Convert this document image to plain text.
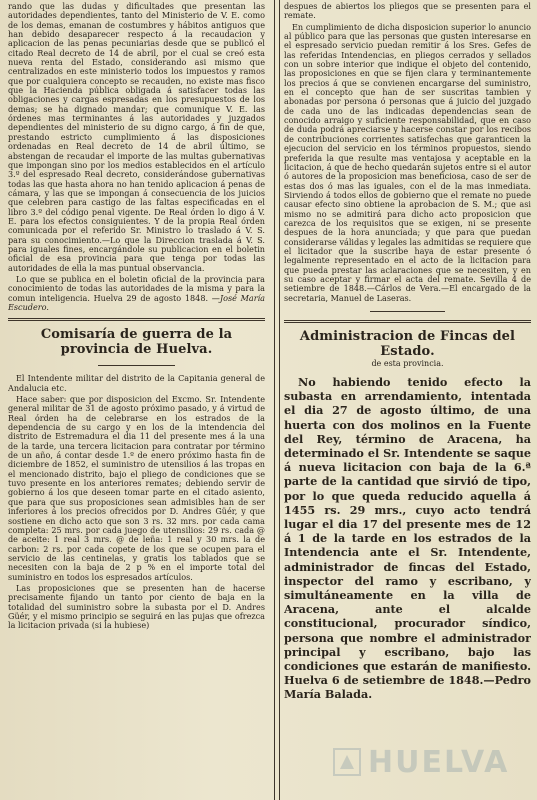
rando que las dudas y dificultades que presentan las autoridades dependientes, tanto del Ministerio de V. E. como de los demas, emanan de costumbres y hábitos antiguos que han debido desaparecer respecto á la recaudacion y aplicacion de las penas pecuniarias desde que se publicó el citado Real decreto de 14 de abril, por el cual se creó esta nueva renta del Estado, considerando asi mismo que centralizados en este ministerio todos los impuestos y ramos que por cualquiera concepto se recauden, no existe mas fisco que la Hacienda pública obligada á satisfacer todas las obligaciones y cargas espresadas en los presupuestos de los demas; se ha dignado mandar; que comunique V. E. las órdenes mas terminantes á las autoridades y juzgados dependientes del ministerio de su digno cargo, á fin de que, prestando estricto cumplimiento á las disposiciones ordenadas en Real decreto de 14 de abril último, se abstengan de recaudar el importe de las multas gubernativas que impongan sino por los medios establecidos en el artículo 3.º del espresado Real decreto, considerándose gubernativas todas las que hasta ahora no han tenido aplicacion á penas de cámara, y las que se impongan á consecuencia de los juicios que celebren para castigo de las faltas especificadas en el libro 3.º del código penal vigente. De Real órden lo digo á V. E. para los efectos consiguientes. Y de la propia Real órden comunicada por el referido Sr. Ministro lo traslado á V. S. para su conocimiento.—Lo que la Direccion traslada á V. S. para iguales fines, encargándole su publicacion en el boletin oficial de esa provincia para que tenga por todas las autoridades de ella la mas puntual observancia.

Lo que se publica en el boletin oficial de la provincia para conocimiento de todas las autoridades de la misma y para la comun inteligencia. Huelva 29 de agosto 1848. —José María Escudero.

Comisaría de guerra de la provincia de Huelva.

El Intendente militar del distrito de la Capitania general de Andalucia etc.

Hace saber: que por disposicion del Excmo. Sr. Intendente general militar de 31 de agosto próximo pasado, y á virtud de Real órden ha de celebrarse en los estrados de la dependencia de su cargo y en los de la intendencia del distrito de Estremadura el dia 11 del presente mes á la una de la tarde, una tercera licitacion para contratar por término de un año, á contar desde 1.º de enero próximo hasta fin de diciembre de 1852, el suministro de utensilios á las tropas en el mencionado distrito, bajo el pliego de condiciones que se tuvo presente en los anteriores remates; debiendo servir de gobierno á los que deseen tomar parte en el citado asiento, que para que sus proposiciones sean admisibles han de ser inferiores á los precios ofrecidos por D. Andres Güér, y que sostiene en dicho acto que son 3 rs. 32 mrs. por cada cama completa: 25 mrs. por cada juego de utensilios: 29 rs. cada @ de aceite: 1 real 3 mrs. @ de leña: 1 real y 30 mrs. la de carbon: 2 rs. por cada copete de los que se ocupen para el servicio de las centinelas, y gratis los tablados que se necesiten con la baja de 2 p % en el importe total del suministro en todos los espresados artículos.

Las proposiciones que se presenten han de hacerse precisamente fijando un tanto por ciento de baja en la totalidad del suministro sobre la subasta por el D. Andres Güér, y el mismo principio se seguirá en las pujas que ofrezca la licitacion privada (si la hubiese)

despues de abiertos los pliegos que se presenten para el remate.

En cumplimiento de dicha disposicion superior lo anuncio al público para que las personas que gusten interesarse en el espresado servicio puedan remitir á los Sres. Gefes de las referidas Intendencias, en pliegos cerrados y sellados con un sobre interior que indique el objeto del contenido, las proposiciones en que se fijen clara y terminantemente los precios á que se convienen encargarse del suministro, en el concepto que han de ser suscritas tambien y abonadas por persona ó personas que á juicio del juzgado de cada uno de las indicadas dependencias sean de conocido arraigo y suficiente responsabilidad, que en caso de duda podrá apreciarse y hacerse constar por los recibos de contribuciones corrientes satisfechas que garanticen la ejecucion del servicio en los términos propuestos, siendo preferida la que resulte mas ventajosa y aceptable en la licitacion, á que de hecho quedarán sujetos entre si el autor ó autores de la proposicion mas beneficiosa, caso de ser de estas dos ó mas las iguales, con el de la mas inmediata. Sirviendo á todos ellos de gobierno que el remate no puede causar efecto sino obtiene la aprobacion de S. M.; que asi mismo no se admitirá para dicho acto proposicion que carezca de los requisitos que se exigen, ni se presente despues de la hora anunciada; y que para que puedan considerarse válidas y legales las admitidas se requiere que el licitador que la suscribe haya de estar presente ó legalmente representado en el acto de la licitacion para que pueda prestar las aclaraciones que se necesiten, y en su caso aceptar y firmar el acta del remate. Sevilla 4 de setiembre de 1848.—Cárlos de Vera.—El encargado de la secretaria, Manuel de Laseras.

Administracion de Fincas del Estado.
de esta provincia.

No habiendo tenido efecto la subasta en arrendamiento, intentada el dia 27 de agosto último, de una huerta con dos molinos en la Fuente del Rey, término de Aracena, ha determinado el Sr. Intendente se saque á nueva licitacion con baja de la 6.ª parte de la cantidad que sirvió de tipo, por lo que queda reducido aquella á 1455 rs. 29 mrs., cuyo acto tendrá lugar el dia 17 del presente mes de 12 á 1 de la tarde en los estrados de la Intendencia ante el Sr. Intendente, administrador de fincas del Estado, inspector del ramo y escribano, y simultáneamente en la villa de Aracena, ante el alcalde constitucional, procurador síndico, persona que nombre el administrador principal y escribano, bajo las condiciones que estarán de manifiesto. Huelva 6 de setiembre de 1848.—Pedro María Balada.

HUELVA
